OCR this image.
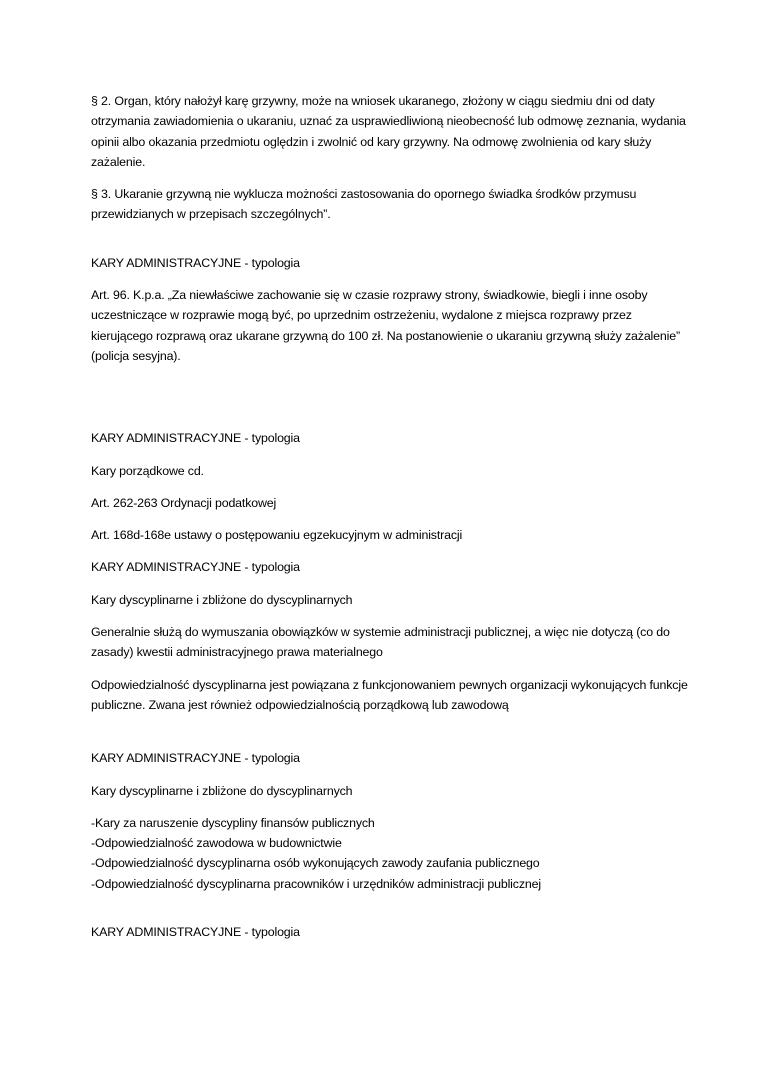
§ 2. Organ, który nałożył karę grzywny, może na wniosek ukaranego, złożony w ciągu siedmiu dni od daty otrzymania zawiadomienia o ukaraniu, uznać za usprawiedliwioną nieobecność lub odmowę zeznania, wydania opinii albo okazania przedmiotu oględzin i zwolnić od kary grzywny. Na odmowę zwolnienia od kary służy zażalenie.

§ 3. Ukaranie grzywną nie wyklucza możności zastosowania do opornego świadka środków przymusu przewidzianych w przepisach szczególnych”.

KARY ADMINISTRACYJNE - typologia

Art. 96. K.p.a. „Za niewłaściwe zachowanie się w czasie rozprawy strony, świadkowie, biegli i inne osoby uczestniczące w rozprawie mogą być, po uprzednim ostrzeżeniu, wydalone z miejsca rozprawy przez kierującego rozprawą oraz ukarane grzywną do 100 zł. Na postanowienie o ukaraniu grzywną służy zażalenie” (policja sesyjna).

KARY ADMINISTRACYJNE - typologia

Kary porządkowe cd.

Art. 262-263 Ordynacji podatkowej

Art. 168d-168e ustawy o postępowaniu egzekucyjnym w administracji

KARY ADMINISTRACYJNE - typologia

Kary dyscyplinarne i zbliżone do dyscyplinarnych

Generalnie służą do wymuszania obowiązków w systemie administracji publicznej, a więc nie dotyczą (co do zasady) kwestii administracyjnego prawa materialnego

Odpowiedzialność dyscyplinarna jest powiązana z funkcjonowaniem pewnych organizacji wykonujących funkcje publiczne. Zwana jest również odpowiedzialnością porządkową lub zawodową

KARY ADMINISTRACYJNE - typologia

Kary dyscyplinarne i zbliżone do dyscyplinarnych

-Kary za naruszenie dyscypliny finansów publicznych
-Odpowiedzialność zawodowa w budownictwie
-Odpowiedzialność dyscyplinarna osób wykonujących zawody zaufania publicznego
-Odpowiedzialność dyscyplinarna pracowników i urzędników administracji publicznej

KARY ADMINISTRACYJNE - typologia
